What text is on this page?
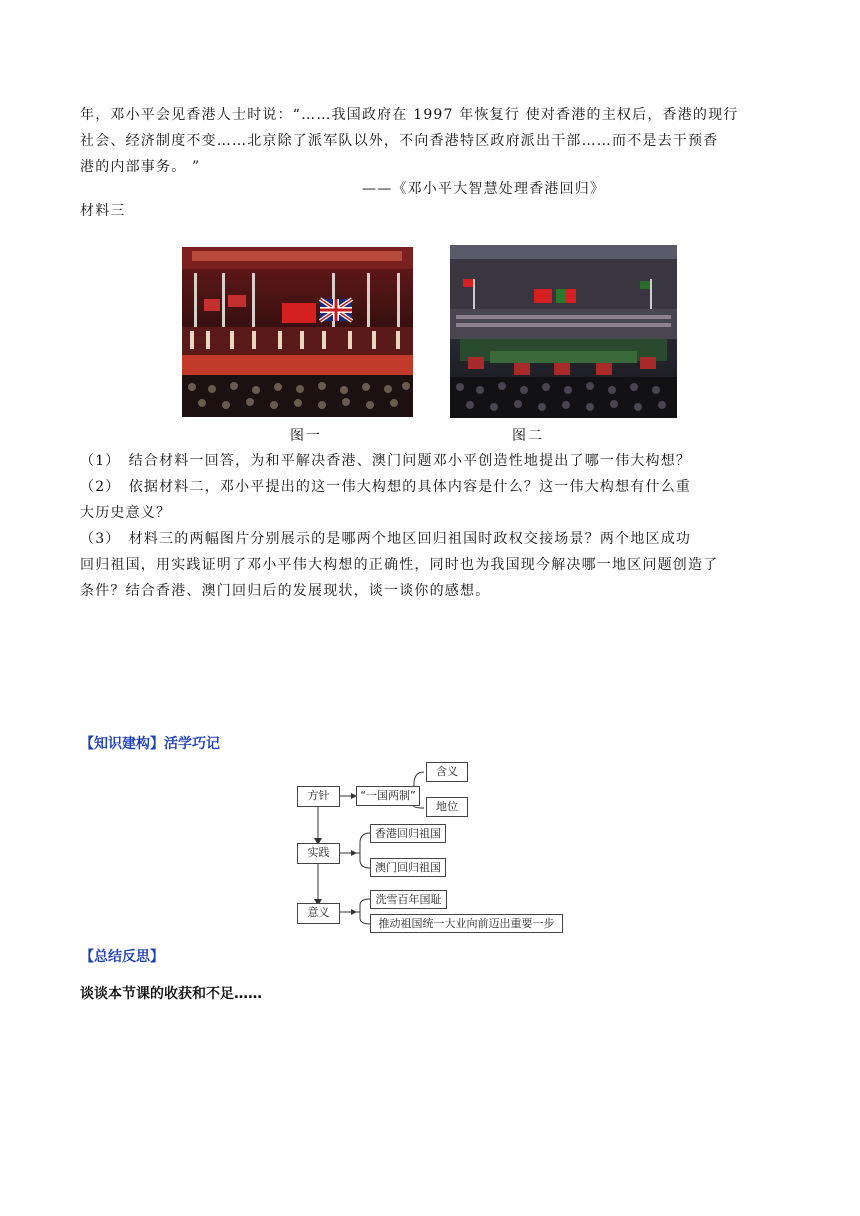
年，邓小平会见香港人士时说：“……我国政府在 1997 年恢复行 使对香港的主权后，香港的现行
社会、经济制度不变……北京除了派军队以外，不向香港特区政府派出干部……而不是去干预香
港的内部事务。 ”
——《邓小平大智慧处理香港回归》
材料三
图一	图二
（1）　结合材料一回答，为和平解决香港、澳门问题邓小平创造性地提出了哪一伟大构想？
（2）　依据材料二，邓小平提出的这一伟大构想的具体内容是什么？这一伟大构想有什么重
大历史意义？
（3）　材料三的两幅图片分别展示的是哪两个地区回归祖国时政权交接场景？两个地区成功
回归祖国，用实践证明了邓小平伟大构想的正确性，同时也为我国现今解决哪一地区问题创造了
条件？结合香港、澳门回归后的发展现状，谈一谈你的感想。
【知识建构】活学巧记
方针
实践
意义
“一国两制”
含义
地位
香港回归祖国
澳门回归祖国
洗雪百年国耻
推动祖国统一大业向前迈出重要一步
【总结反思】
谈谈本节课的收获和不足……
